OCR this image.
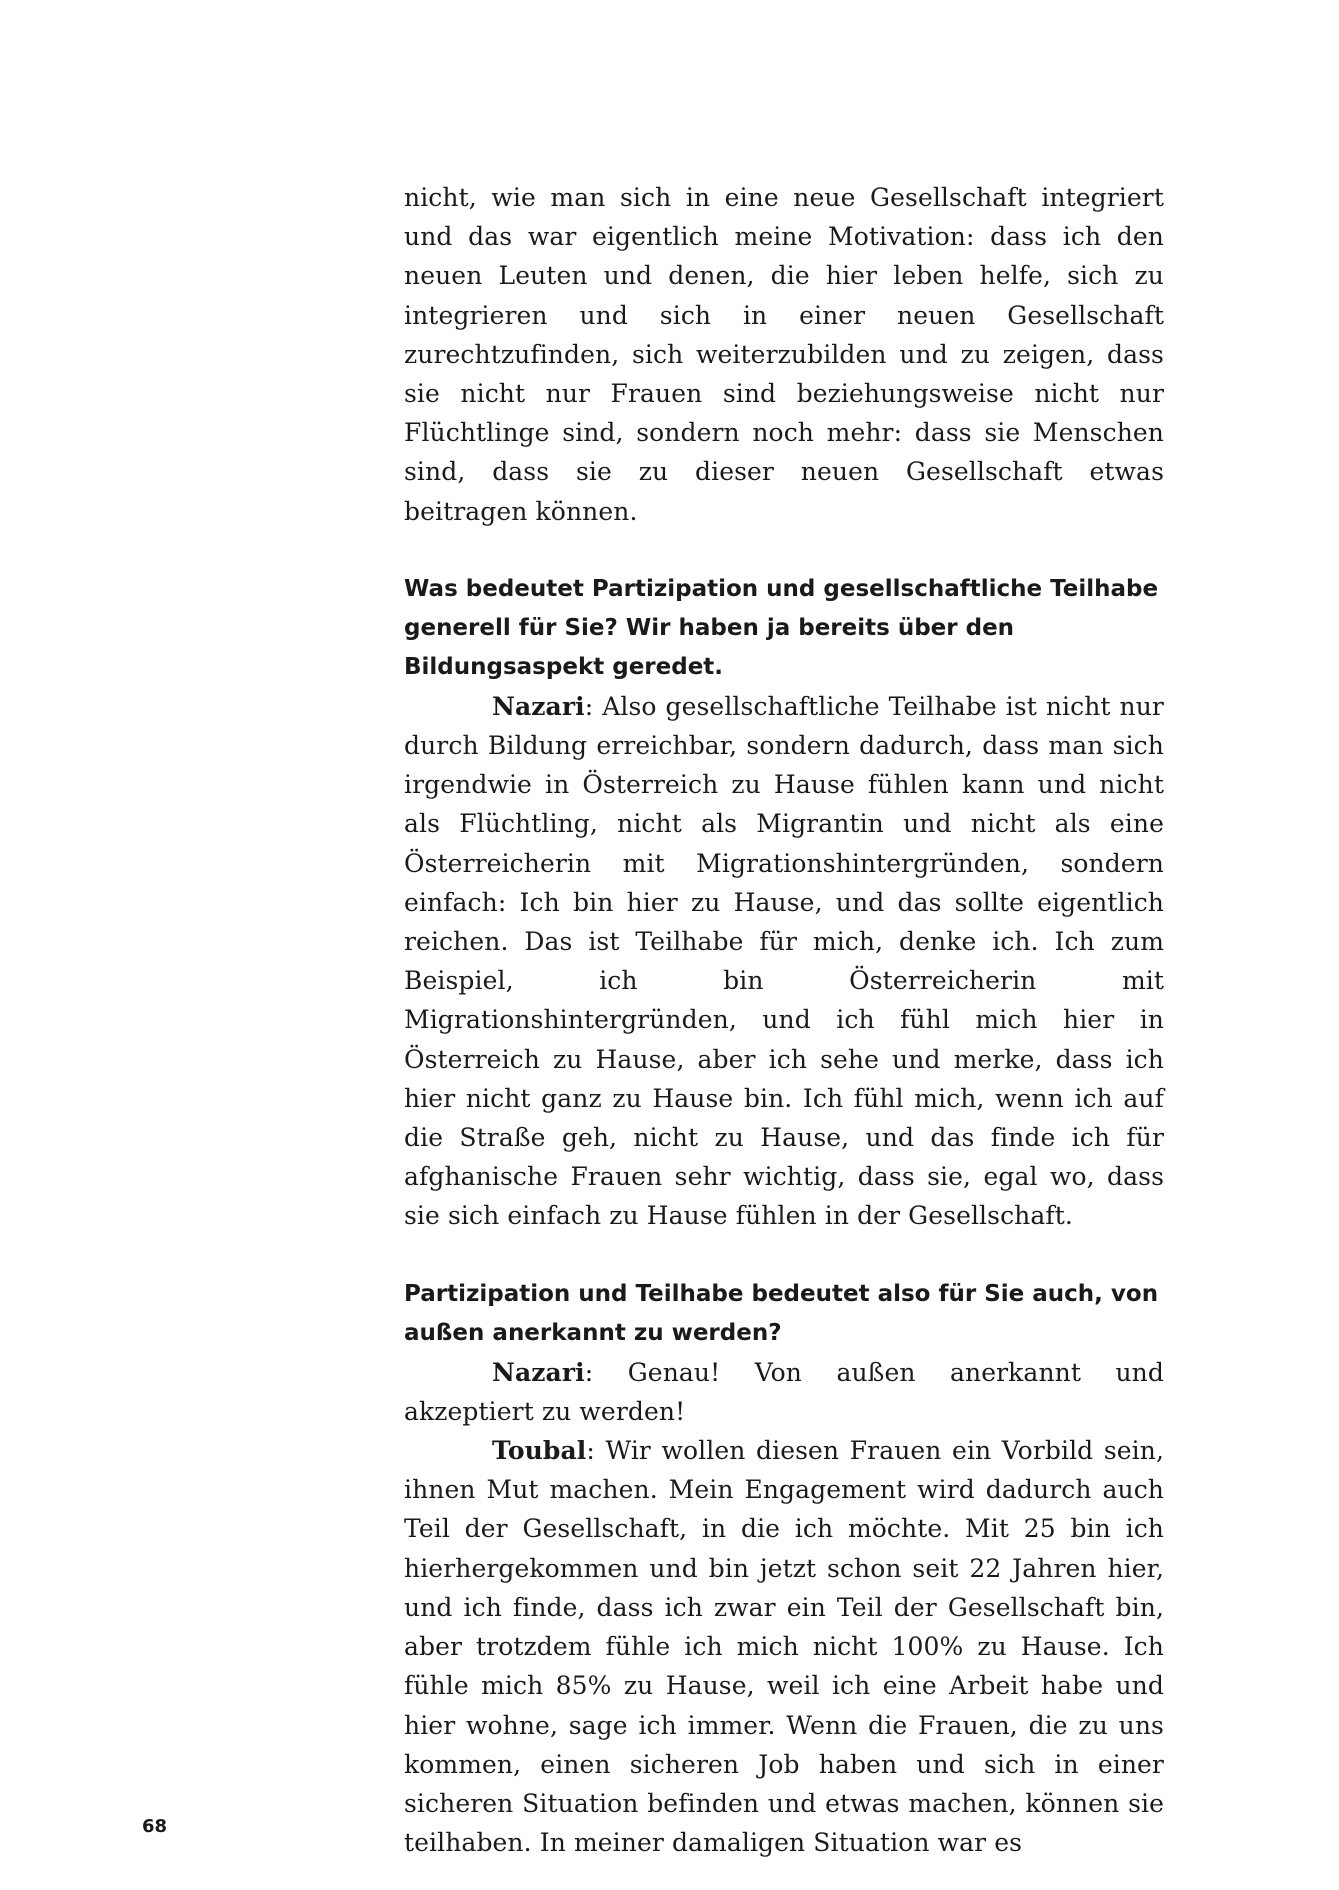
nicht, wie man sich in eine neue Gesellschaft integriert und das war eigentlich meine Motivation: dass ich den neuen Leuten und denen, die hier leben helfe, sich zu integrieren und sich in einer neuen Gesellschaft zurechtzufinden, sich weiterzubilden und zu zeigen, dass sie nicht nur Frauen sind beziehungsweise nicht nur Flüchtlinge sind, sondern noch mehr: dass sie Menschen sind, dass sie zu dieser neuen Gesellschaft etwas beitragen können.

Was bedeutet Partizipation und gesellschaftliche Teilhabe generell für Sie? Wir haben ja bereits über den Bildungsaspekt geredet.

Nazari: Also gesellschaftliche Teilhabe ist nicht nur durch Bildung erreichbar, sondern dadurch, dass man sich irgendwie in Österreich zu Hause fühlen kann und nicht als Flüchtling, nicht als Migrantin und nicht als eine Österreicherin mit Migrationshintergründen, sondern einfach: Ich bin hier zu Hause, und das sollte eigentlich reichen. Das ist Teilhabe für mich, denke ich. Ich zum Beispiel, ich bin Österreicherin mit Migrationshintergründen, und ich fühl mich hier in Österreich zu Hause, aber ich sehe und merke, dass ich hier nicht ganz zu Hause bin. Ich fühl mich, wenn ich auf die Straße geh, nicht zu Hause, und das finde ich für afghanische Frauen sehr wichtig, dass sie, egal wo, dass sie sich einfach zu Hause fühlen in der Gesellschaft.

Partizipation und Teilhabe bedeutet also für Sie auch, von außen anerkannt zu werden?

Nazari: Genau! Von außen anerkannt und akzeptiert zu werden!

Toubal: Wir wollen diesen Frauen ein Vorbild sein, ihnen Mut machen. Mein Engagement wird dadurch auch Teil der Gesellschaft, in die ich möchte. Mit 25 bin ich hierhergekommen und bin jetzt schon seit 22 Jahren hier, und ich finde, dass ich zwar ein Teil der Gesellschaft bin, aber trotzdem fühle ich mich nicht 100% zu Hause. Ich fühle mich 85% zu Hause, weil ich eine Arbeit habe und hier wohne, sage ich immer. Wenn die Frauen, die zu uns kommen, einen sicheren Job haben und sich in einer sicheren Situation befinden und etwas machen, können sie teilhaben. In meiner damaligen Situation war es

68
